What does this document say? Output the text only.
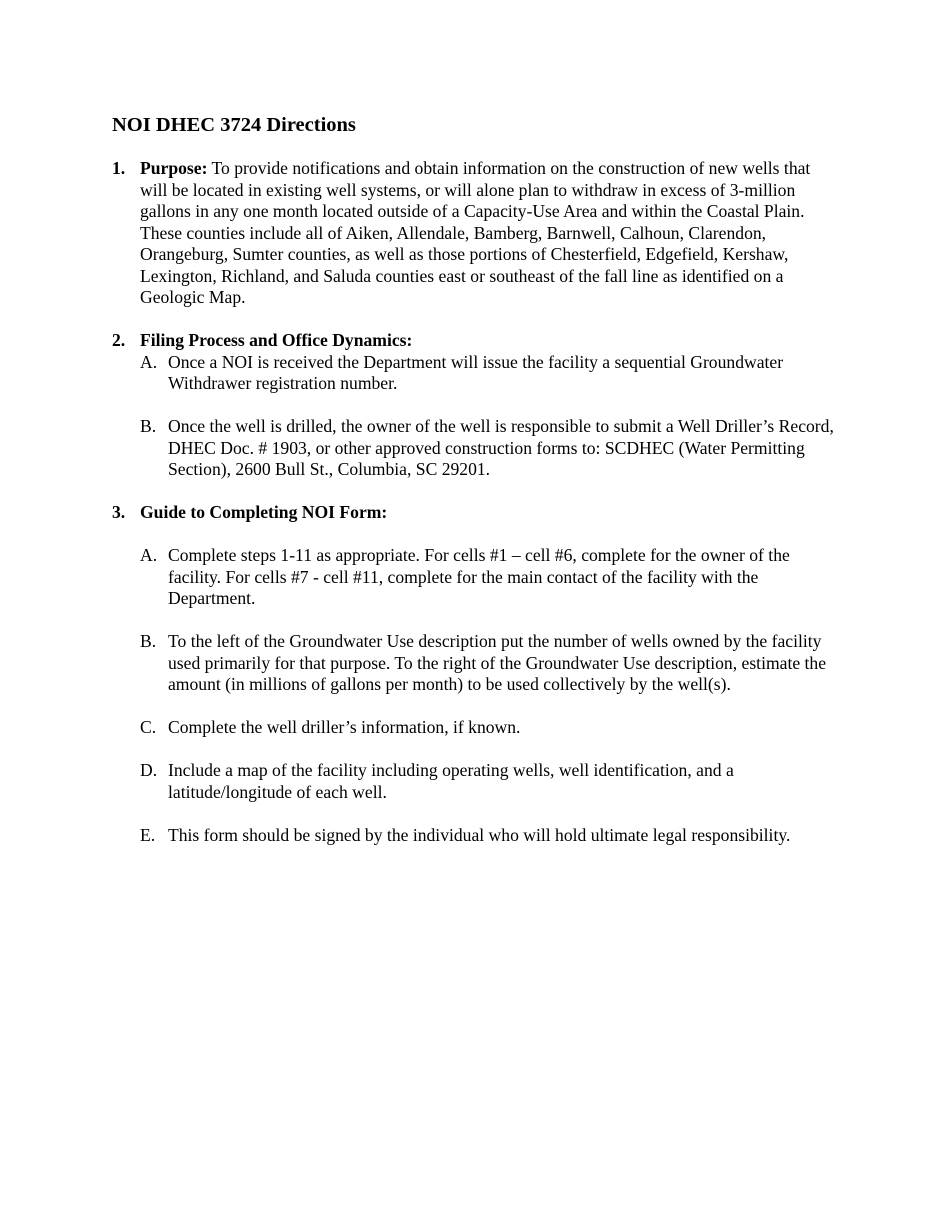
NOI DHEC 3724 Directions
1. Purpose: To provide notifications and obtain information on the construction of new wells that will be located in existing well systems, or will alone plan to withdraw in excess of 3-million gallons in any one month located outside of a Capacity-Use Area and within the Coastal Plain. These counties include all of Aiken, Allendale, Bamberg, Barnwell, Calhoun, Clarendon, Orangeburg, Sumter counties, as well as those portions of Chesterfield, Edgefield, Kershaw, Lexington, Richland, and Saluda counties east or southeast of the fall line as identified on a Geologic Map.

2. Filing Process and Office Dynamics:

A. Once a NOI is received the Department will issue the facility a sequential Groundwater Withdrawer registration number.

B. Once the well is drilled, the owner of the well is responsible to submit a Well Driller’s Record, DHEC Doc. # 1903, or other approved construction forms to: SCDHEC (Water Permitting Section), 2600 Bull St., Columbia, SC 29201.

3. Guide to Completing NOI Form:

A. Complete steps 1-11 as appropriate. For cells #1 – cell #6, complete for the owner of the facility. For cells #7 - cell #11, complete for the main contact of the facility with the Department.

B. To the left of the Groundwater Use description put the number of wells owned by the facility used primarily for that purpose. To the right of the Groundwater Use description, estimate the amount (in millions of gallons per month) to be used collectively by the well(s).

C. Complete the well driller’s information, if known.

D. Include a map of the facility including operating wells, well identification, and a latitude/longitude of each well.

E. This form should be signed by the individual who will hold ultimate legal responsibility.
